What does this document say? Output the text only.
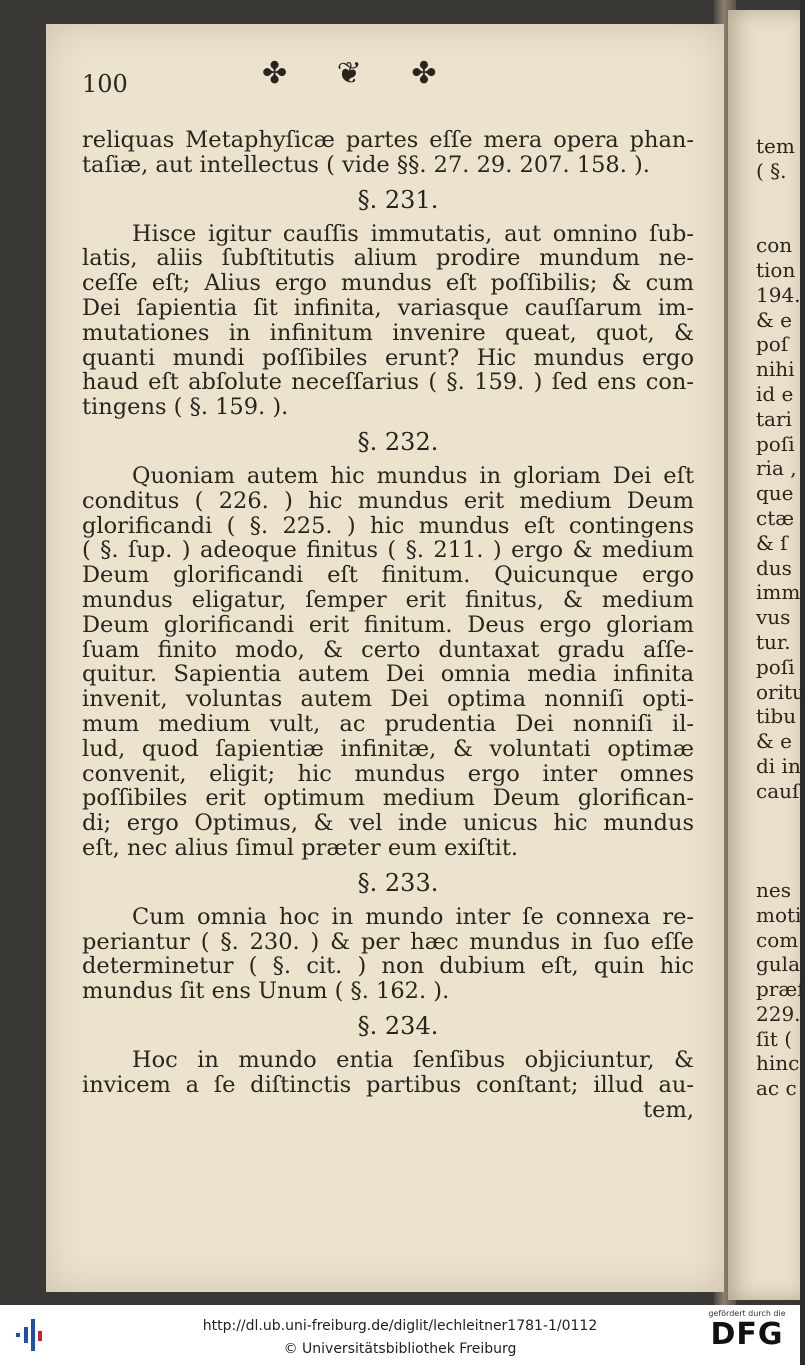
100	✤ ❦ ✤
reliquas Metaphyſicæ partes eſſe mera opera phan-
taſiæ, aut intellectus ( vide §§. 27. 29. 207. 158. ).
§. 231.
Hisce igitur cauſſis immutatis, aut omnino ſub-
latis, aliis ſubſtitutis alium prodire mundum ne-
ceſſe eſt; Alius ergo mundus eſt poſſibilis; & cum
Dei ſapientia ſit infinita, variasque cauſſarum im-
mutationes in infinitum invenire queat, quot, &
quanti mundi poſſibiles erunt? Hic mundus ergo
haud eſt abſolute neceſſarius ( §. 159. ) ſed ens con-
tingens ( §. 159. ).
§. 232.
Quoniam autem hic mundus in gloriam Dei eſt
conditus ( 226. ) hic mundus erit medium Deum
glorificandi ( §. 225. ) hic mundus eſt contingens
( §. ſup. ) adeoque finitus ( §. 211. ) ergo & medium
Deum glorificandi eſt finitum. Quicunque ergo
mundus eligatur, ſemper erit finitus, & medium
Deum glorificandi erit finitum. Deus ergo gloriam
ſuam finito modo, & certo duntaxat gradu aſſe-
quitur. Sapientia autem Dei omnia media infinita
invenit, voluntas autem Dei optima nonniſi opti-
mum medium vult, ac prudentia Dei nonniſi il-
lud, quod ſapientiæ infinitæ, & voluntati optimæ
convenit, eligit; hic mundus ergo inter omnes
poſſibiles erit optimum medium Deum glorifican-
di; ergo Optimus, & vel inde unicus hic mundus
eſt, nec alius ſimul præter eum exiſtit.
§. 233.
Cum omnia hoc in mundo inter ſe connexa re-
periantur ( §. 230. ) & per hæc mundus in ſuo eſſe
determinetur ( §. cit. ) non dubium eſt, quin hic
mundus ſit ens Unum ( §. 162. ).
§. 234.
Hoc in mundo entia ſenſibus objiciuntur, &
invicem a ſe diſtinctis partibus conſtant; illud au-
tem,
tem
( §.
con
tion
194.
& e
poſ
nihi
id e
tari
poſi
ria ,
que
ctæ
& ſ
dus
imm
vus
tur.
poſi
oritu
tibu
& e
di in
cauſ
nes
moti
com
gula
præſ
229.
ſit (
hinc
ac c
http://dl.ub.uni-freiburg.de/diglit/lechleitner1781-1/0112
© Universitätsbibliothek Freiburg
gefördert durch die
DFG
